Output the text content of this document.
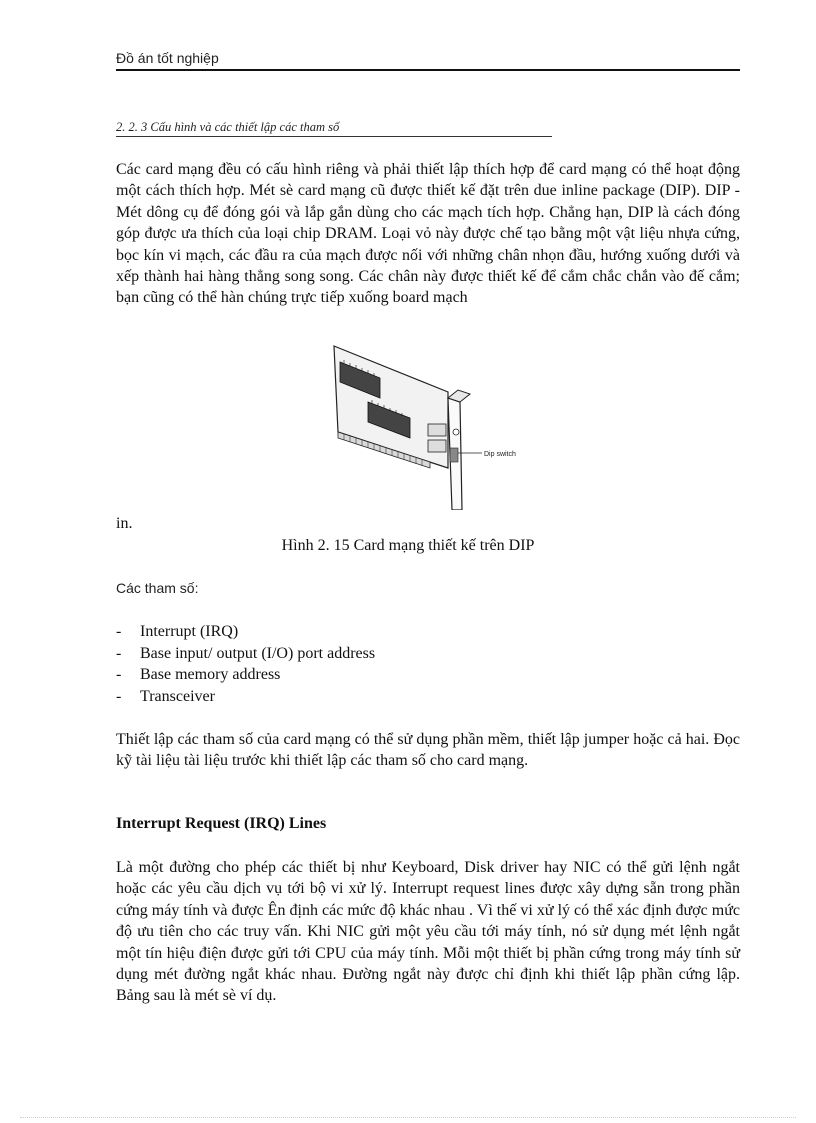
Đồ án tốt nghiệp
2. 2. 3 Cấu hình và các thiết lập các tham số

Các card mạng đều có cấu hình riêng và phải thiết lập thích hợp để card mạng có thể hoạt động một cách thích hợp. Mét sè card mạng cũ được thiết kế đặt trên due inline package (DIP). DIP - Mét dông cụ để đóng gói và lắp gắn dùng cho các mạch tích hợp. Chẳng hạn, DIP là cách đóng góp được ưa thích của loại chip DRAM. Loại vỏ này được chế tạo bằng một vật liệu nhựa cứng, bọc kín vi mạch, các đầu ra của mạch được nối với những chân nhọn đầu, hướng xuống dưới và xếp thành hai hàng thẳng song song. Các chân này được thiết kế để cắm chắc chắn vào đế cắm; bạn cũng có thể hàn chúng trực tiếp xuống board mạch

Dip switch
in.
Hình 2. 15 Card mạng thiết kế trên DIP
Các tham số:
- Interrupt (IRQ)
- Base input/ output (I/O) port address
- Base memory address
- Transceiver

Thiết lập các tham số của card mạng có thể sử dụng phần mềm, thiết lập jumper hoặc cả hai. Đọc kỹ tài liệu tài liệu trước khi thiết lập các tham số cho card mạng.

Interrupt Request (IRQ) Lines

Là một đường cho phép các thiết bị như Keyboard, Disk driver hay NIC có thể gửi lệnh ngắt hoặc các yêu cầu dịch vụ tới bộ vi xử lý. Interrupt request lines được xây dựng sẵn trong phần cứng máy tính và được Ên định các mức độ khác nhau . Vì thế vi xử lý có thể xác định được mức độ ưu tiên cho các truy vấn. Khi NIC gửi một yêu cầu tới máy tính, nó sử dụng mét lệnh ngắt một tín hiệu điện được gửi tới CPU của máy tính. Mỗi một thiết bị phần cứng trong máy tính sử dụng mét đường ngắt khác nhau. Đường ngắt này được chỉ định khi thiết lập phần cứng lập. Bảng sau là mét sè ví dụ.
